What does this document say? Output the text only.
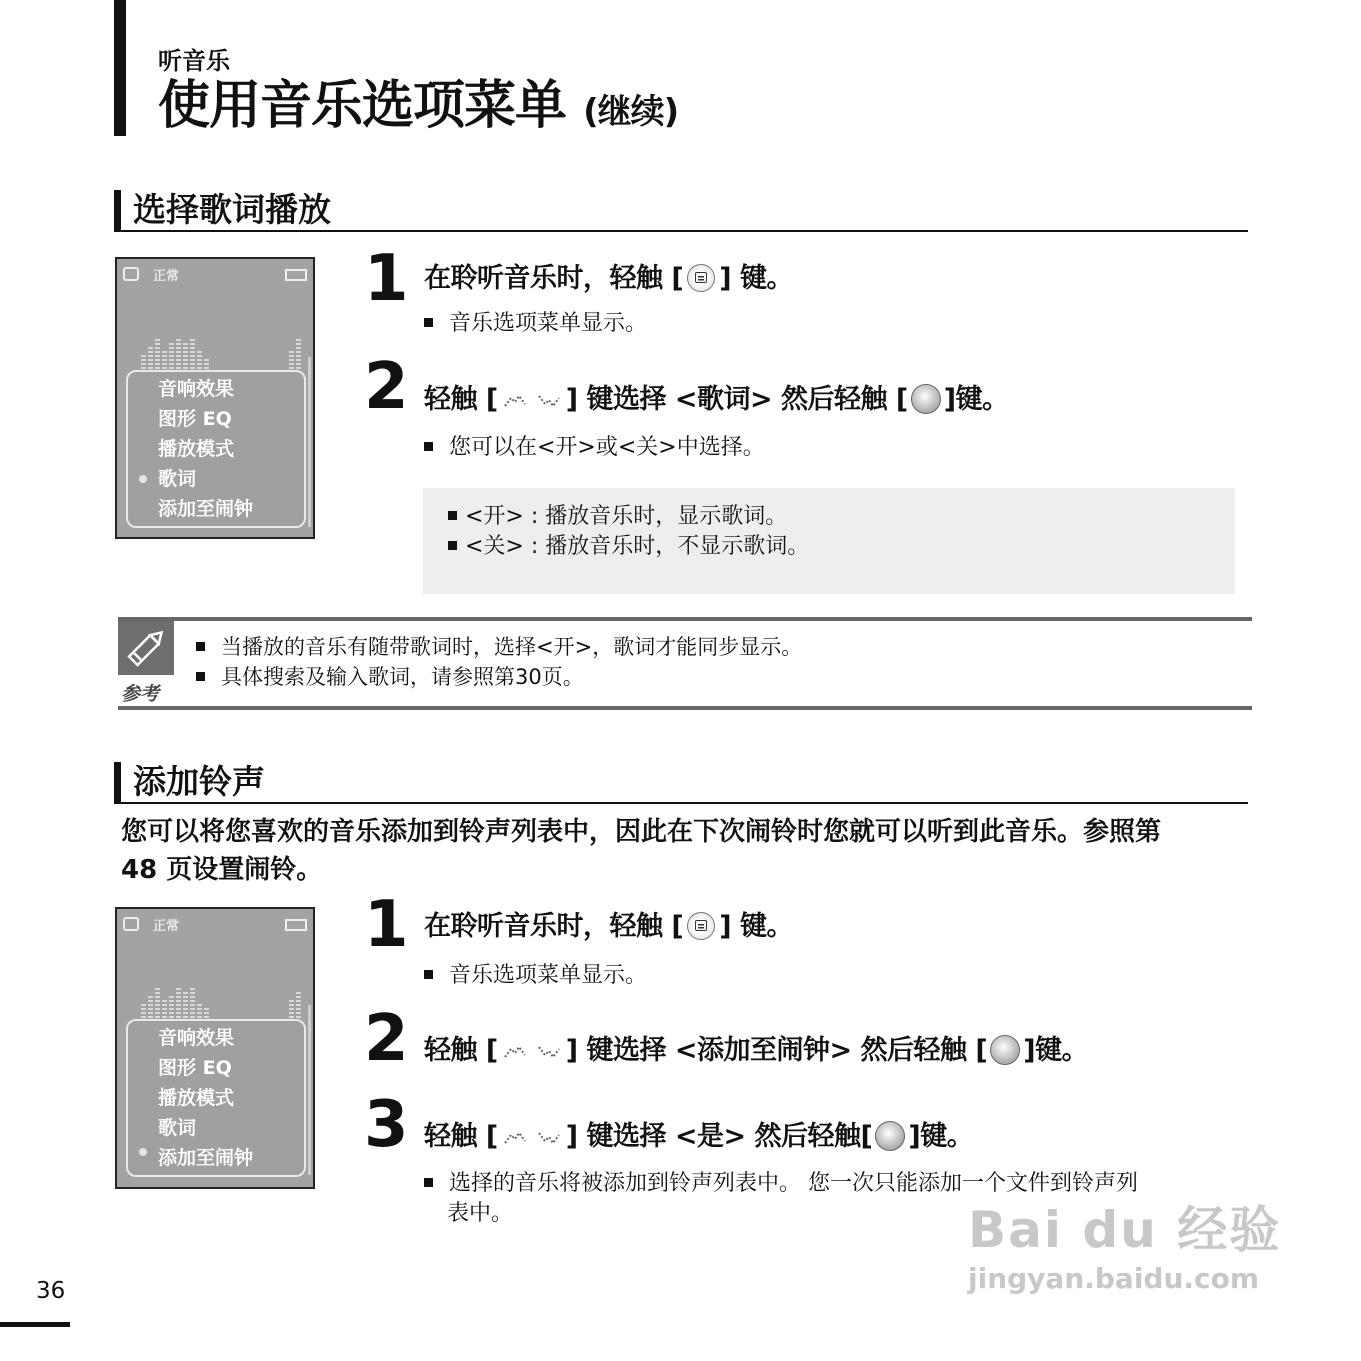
听音乐
使用音乐选项菜单 (继续)
选择歌词播放
正常
音响效果
图形 EQ
播放模式
歌词
添加至闹钟
1 在聆听音乐时，轻触 [ ] 键。
音乐选项菜单显示。
2 轻触 [	] 键选择 <歌词> 然后轻触 [ ]键。
您可以在<开>或<关>中选择。
<开> : 播放音乐时，显示歌词。
<关> : 播放音乐时，不显示歌词。
参考
当播放的音乐有随带歌词时，选择<开>，歌词才能同步显示。
具体搜索及输入歌词，请参照第30页。
添加铃声
您可以将您喜欢的音乐添加到铃声列表中，因此在下次闹铃时您就可以听到此音乐。参照第
48 页设置闹铃。
正常
音响效果
图形 EQ
播放模式
歌词
添加至闹钟
1 在聆听音乐时，轻触 [ ] 键。
音乐选项菜单显示。
2 轻触 [	] 键选择 <添加至闹钟> 然后轻触 [ ]键。
3 轻触 [	] 键选择 <是> 然后轻触[ ]键。
选择的音乐将被添加到铃声列表中。 您一次只能添加一个文件到铃声列
表中。
36
Bai du 经验
jingyan.baidu.com
